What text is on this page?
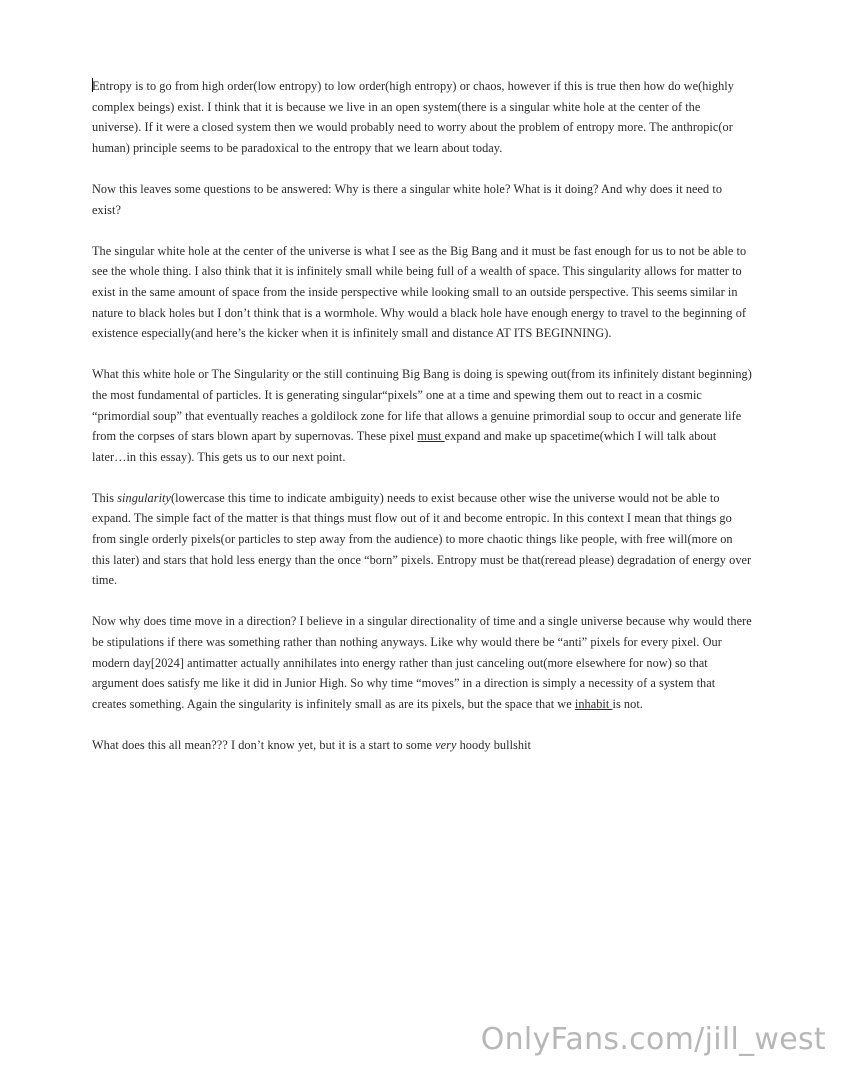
Entropy is to go from high order(low entropy) to low order(high entropy) or chaos, however if this is true then how do we(highly complex beings) exist. I think that it is because we live in an open system(there is a singular white hole at the center of the universe). If it were a closed system then we would probably need to worry about the problem of entropy more. The anthropic(or human) principle seems to be paradoxical to the entropy that we learn about today.

Now this leaves some questions to be answered: Why is there a singular white hole? What is it doing? And why does it need to exist?

The singular white hole at the center of the universe is what I see as the Big Bang and it must be fast enough for us to not be able to see the whole thing. I also think that it is infinitely small while being full of a wealth of space. This singularity allows for matter to exist in the same amount of space from the inside perspective while looking small to an outside perspective. This seems similar in nature to black holes but I don’t think that is a wormhole. Why would a black hole have enough energy to travel to the beginning of existence especially(and here’s the kicker when it is infinitely small and distance AT ITS BEGINNING).

What this white hole or The Singularity or the still continuing Big Bang is doing is spewing out(from its infinitely distant beginning) the most fundamental of particles. It is generating singular“pixels” one at a time and spewing them out to react in a cosmic “primordial soup” that eventually reaches a goldilock zone for life that allows a genuine primordial soup to occur and generate life from the corpses of stars blown apart by supernovas. These pixel must expand and make up spacetime(which I will talk about later…in this essay). This gets us to our next point.

This singularity(lowercase this time to indicate ambiguity) needs to exist because other wise the universe would not be able to expand. The simple fact of the matter is that things must flow out of it and become entropic. In this context I mean that things go from single orderly pixels(or particles to step away from the audience) to more chaotic things like people, with free will(more on this later) and stars that hold less energy than the once “born” pixels. Entropy must be that(reread please) degradation of energy over time.

Now why does time move in a direction? I believe in a singular directionality of time and a single universe because why would there be stipulations if there was something rather than nothing anyways. Like why would there be “anti” pixels for every pixel. Our modern day[2024] antimatter actually annihilates into energy rather than just canceling out(more elsewhere for now) so that argument does satisfy me like it did in Junior High. So why time “moves” in a direction is simply a necessity of a system that creates something. Again the singularity is infinitely small as are its pixels, but the space that we inhabit is not.

What does this all mean??? I don’t know yet, but it is a start to some very hoody bullshit

OnlyFans.com/jill_west
